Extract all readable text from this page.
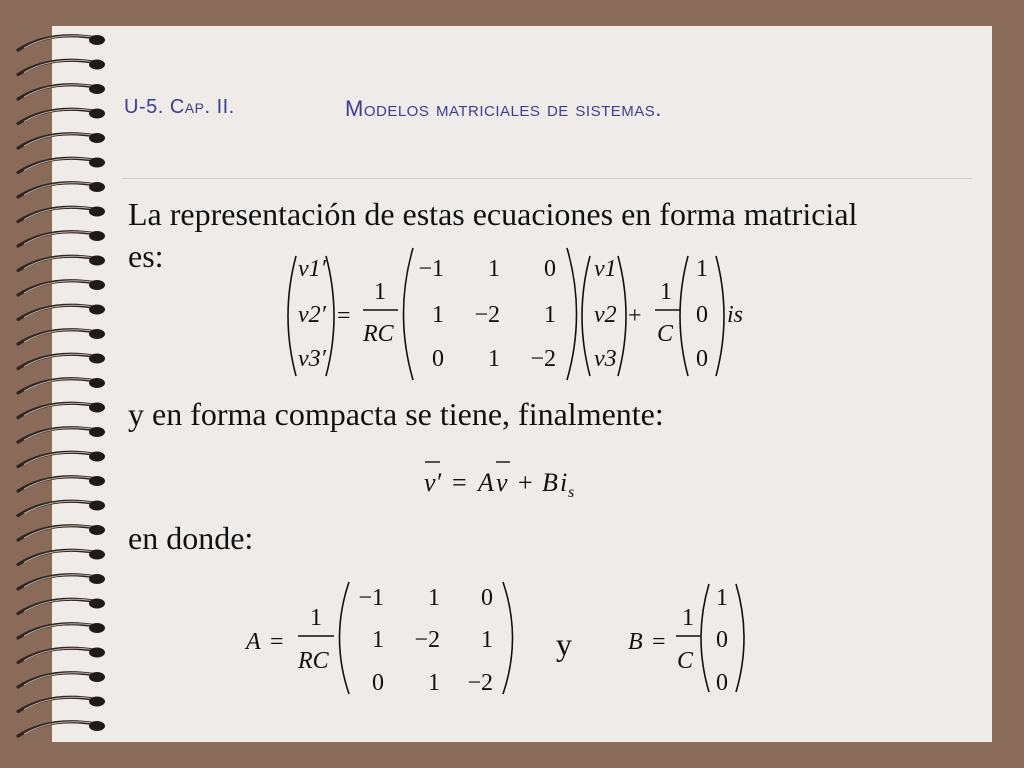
U-5. Cap. II.	Modelos matriciales de sistemas.
La representación de estas ecuaciones en forma matricial
es:
y en forma compacta se tiene, finalmente:
en donde:
y
v1′
v2′
v3′
=
1
RC
−1 1 0
1 −2 1
0 1 −2
v1
v2
v3
+
1
C
1
0
0
is
v′ = A v + B i s
A =
1
RC
−1 1 0
1 −2 1
0 1 −2
B =
1
C
1
0
0
